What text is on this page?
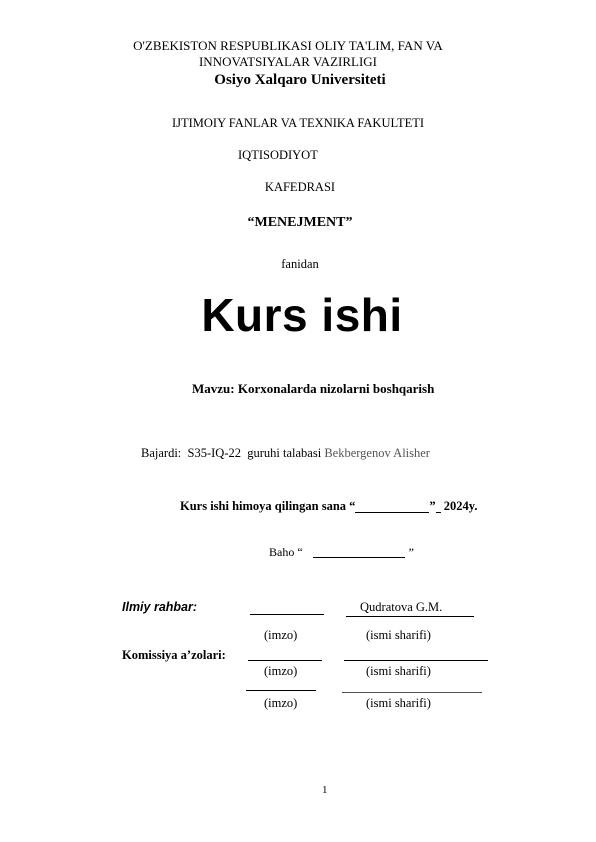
O'ZBEKISTON RESPUBLIKASI OLIY TA'LIM, FAN VA
INNOVATSIYALAR VAZIRLIGI
Osiyo Xalqaro Universiteti
IJTIMOIY FANLAR VA TEXNIKA FAKULTETI
IQTISODIYOT
KAFEDRASI
“MENEJMENT”
fanidan
Kurs ishi
Mavzu: Korxonalarda nizolarni boshqarish
Bajardi: S35-IQ-22 guruhi talabasi Bekbergenov Alisher
Kurs ishi himoya qilingan sana “	” 2024y.
Baho “	”
Ilmiy rahbar:	Qudratova G.M.
(imzo)	(ismi sharifi)
Komissiya a’zolari:
(imzo)	(ismi sharifi)
(imzo)	(ismi sharifi)
1
